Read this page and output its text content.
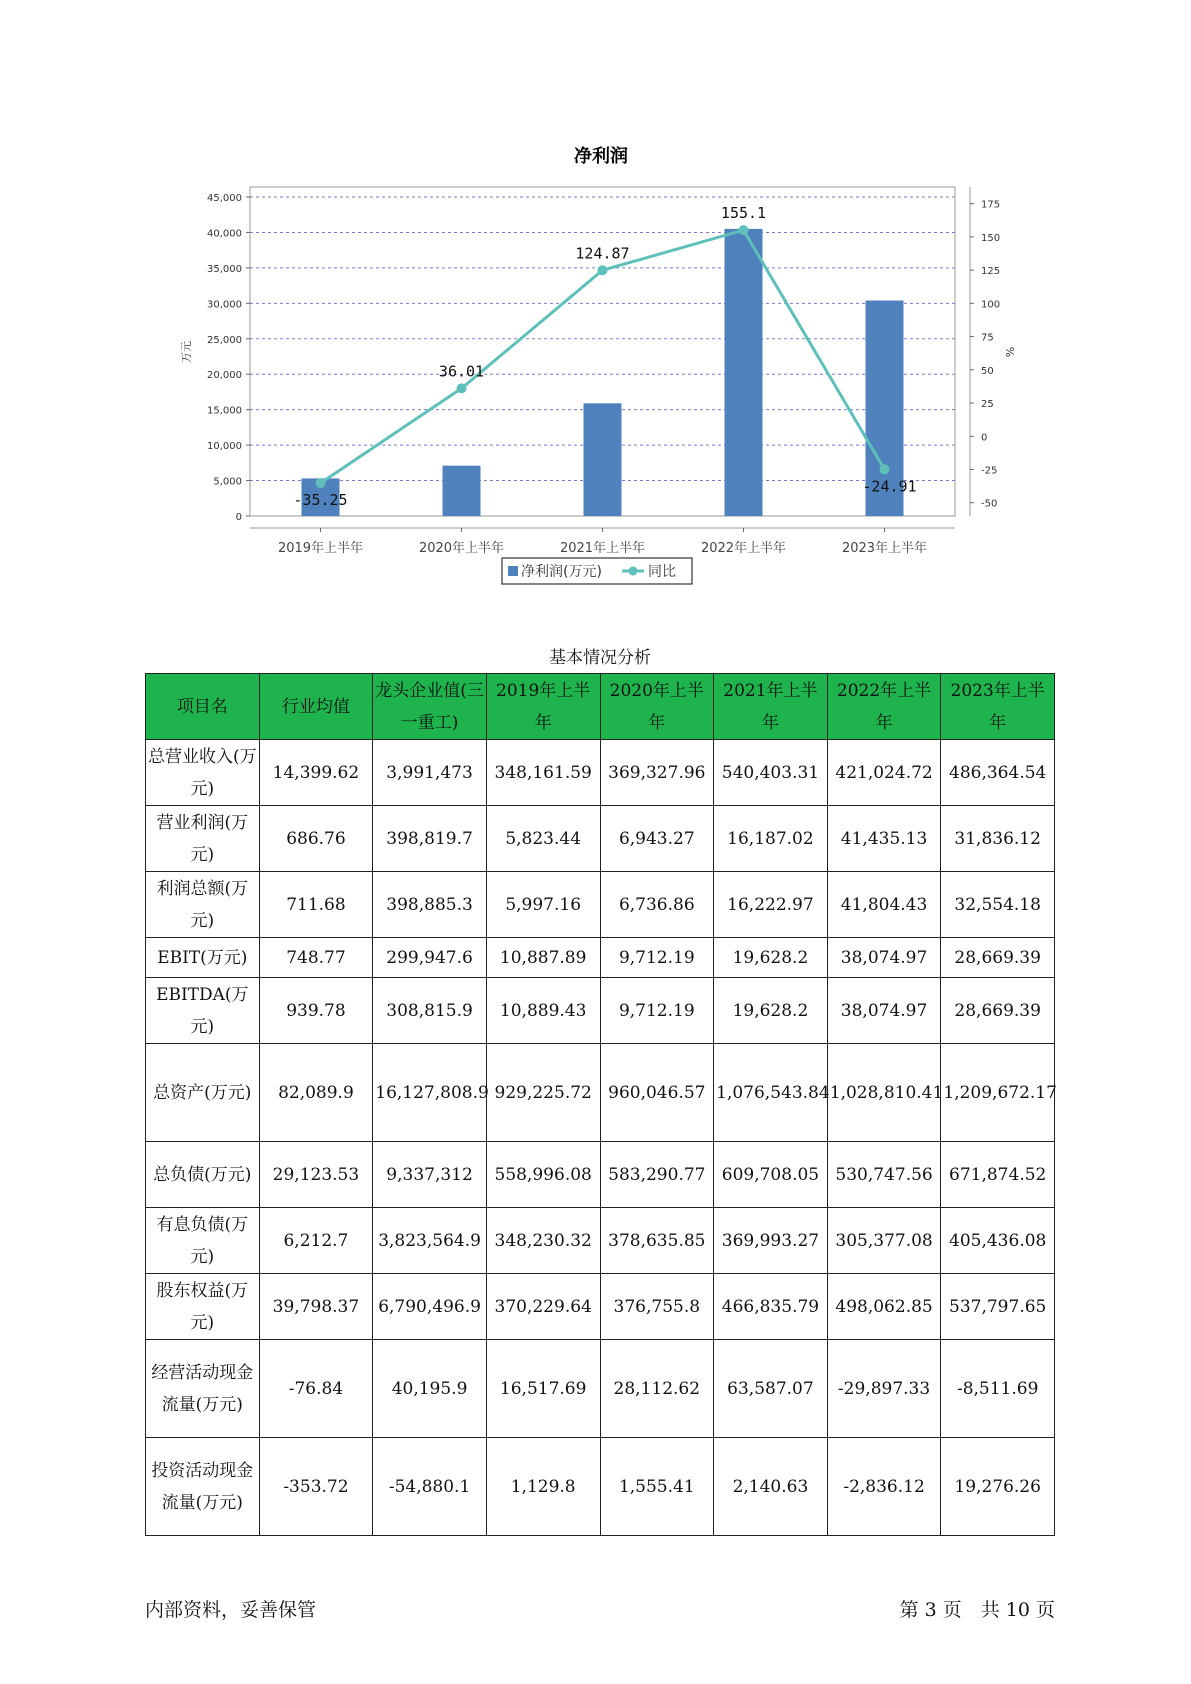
净利润
0
5,000
10,000
15,000
20,000
25,000
30,000
35,000
40,000
45,000
-50
-25
0
25
50
75
100
125
150
175
万元	%
2019年上半年	2020年上半年	2021年上半年	2022年上半年	2023年上半年
-35.25
36.01
124.87
155.1
-24.91
净利润(万元)	同比
基本情况分析
项目名	行业均值	龙头企业值(三一重工)	2019年上半年	2020年上半年	2021年上半年	2022年上半年	2023年上半年
总营业收入(万元)	14,399.62	3,991,473	348,161.59	369,327.96	540,403.31	421,024.72	486,364.54
营业利润(万元)	686.76	398,819.7	5,823.44	6,943.27	16,187.02	41,435.13	31,836.12
利润总额(万元)	711.68	398,885.3	5,997.16	6,736.86	16,222.97	41,804.43	32,554.18
EBIT(万元)	748.77	299,947.6	10,887.89	9,712.19	19,628.2	38,074.97	28,669.39
EBITDA(万元)	939.78	308,815.9	10,889.43	9,712.19	19,628.2	38,074.97	28,669.39
总资产(万元)	82,089.9	16,127,808.9	929,225.72	960,046.57	1,076,543.84	1,028,810.41	1,209,672.17
总负债(万元)	29,123.53	9,337,312	558,996.08	583,290.77	609,708.05	530,747.56	671,874.52
有息负债(万元)	6,212.7	3,823,564.9	348,230.32	378,635.85	369,993.27	305,377.08	405,436.08
股东权益(万元)	39,798.37	6,790,496.9	370,229.64	376,755.8	466,835.79	498,062.85	537,797.65
经营活动现金流量(万元)	-76.84	40,195.9	16,517.69	28,112.62	63,587.07	-29,897.33	-8,511.69
投资活动现金流量(万元)	-353.72	-54,880.1	1,129.8	1,555.41	2,140.63	-2,836.12	19,276.26
内部资料，妥善保管	第 3 页　共 10 页
